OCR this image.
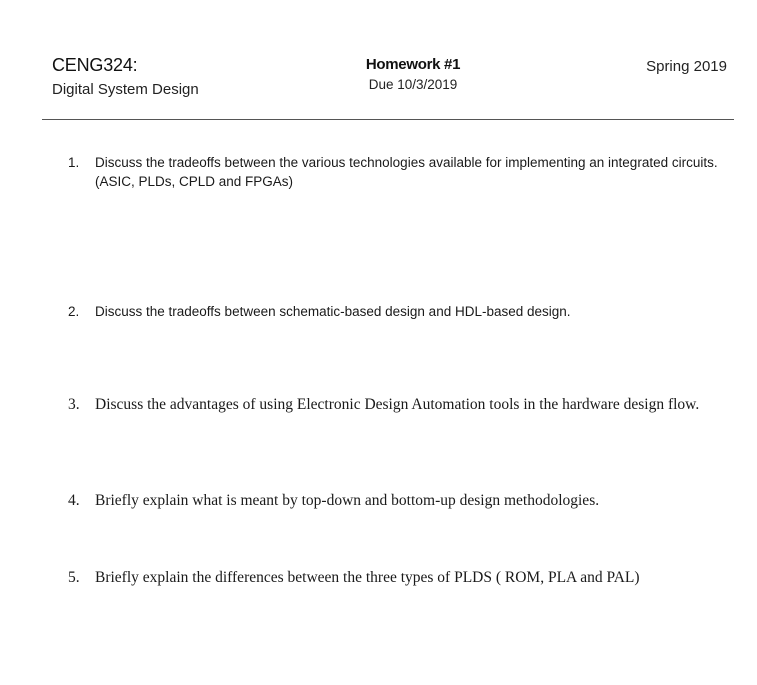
CENG324:
Digital System Design
Homework #1
Due 10/3/2019
Spring 2019
1.	Discuss the tradeoffs between the various technologies available for implementing an integrated circuits. (ASIC, PLDs, CPLD and FPGAs)
2.	Discuss the tradeoffs between schematic-based design and HDL-based design.
3. Discuss the advantages of using Electronic Design Automation tools in the hardware design flow.
4. Briefly explain what is meant by top-down and bottom-up design methodologies.
5. Briefly explain the differences between the three types of PLDS ( ROM, PLA and PAL)
